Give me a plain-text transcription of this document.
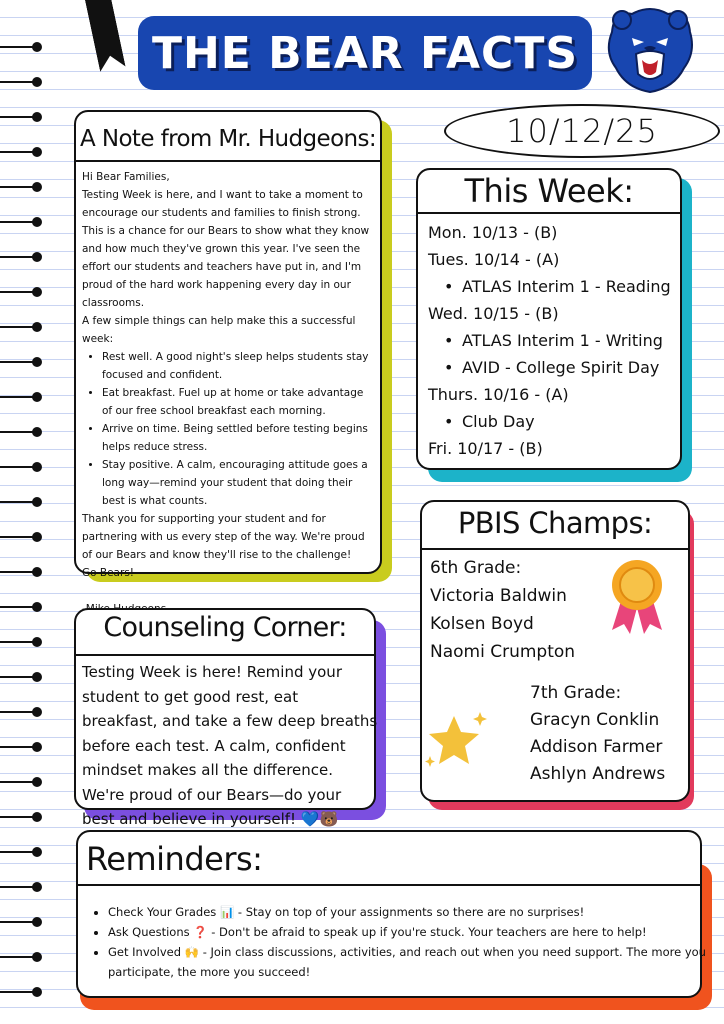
THE BEAR FACTS
10/12/25
A Note from Mr. Hudgeons:

Hi Bear Families,

Testing Week is here, and I want to take a moment to encourage our students and families to finish strong. This is a chance for our Bears to show what they know and how much they've grown this year. I've seen the effort our students and teachers have put in, and I'm proud of the hard work happening every day in our classrooms.

A few simple things can help make this a successful week:

• Rest well. A good night's sleep helps students stay focused and confident.
• Eat breakfast. Fuel up at home or take advantage of our free school breakfast each morning.
• Arrive on time. Being settled before testing begins helps reduce stress.
• Stay positive. A calm, encouraging attitude goes a long way—remind your student that doing their best is what counts.

Thank you for supporting your student and for partnering with us every step of the way. We're proud of our Bears and know they'll rise to the challenge!

Go Bears!

This Week:
Mon. 10/13 - (B)
Tues. 10/14 - (A)
• ATLAS Interim 1 - Reading
Wed. 10/15 - (B)
• ATLAS Interim 1 - Writing
• AVID - College Spirit Day
Thurs. 10/16 - (A)
• Club Day
Fri. 10/17 - (B)
PBIS Champs:
6th Grade:
Victoria Baldwin
Kolsen Boyd
Naomi Crumpton
7th Grade:
Gracyn Conklin
Addison Farmer
Ashlyn Andrews
Counseling Corner:
Testing Week is here! Remind your student to get good rest, eat breakfast, and take a few deep breaths before each test. A calm, confident mindset makes all the difference. We're proud of our Bears—do your best and believe in yourself! 💙🐻
Reminders:
• Check Your Grades 📊 - Stay on top of your assignments so there are no surprises!
• Ask Questions ❓ - Don't be afraid to speak up if you're stuck. Your teachers are here to help!
• Get Involved 🙌 - Join class discussions, activities, and reach out when you need support. The more you participate, the more you succeed!
